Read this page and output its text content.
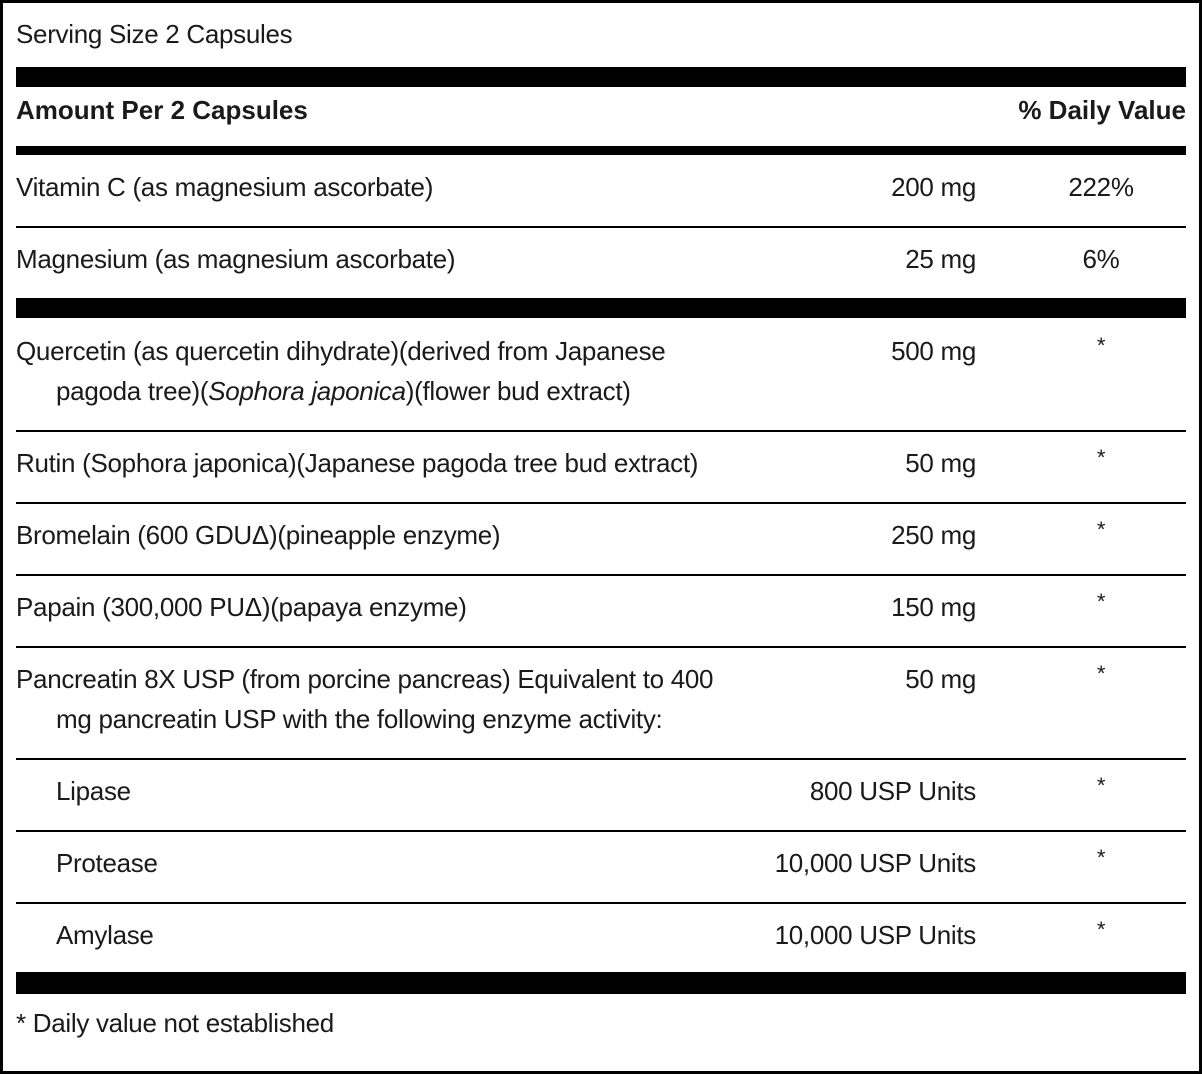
Serving Size 2 Capsules
Amount Per 2 Capsules	% Daily Value
Vitamin C (as magnesium ascorbate)	200 mg	222%
Magnesium (as magnesium ascorbate)	25 mg	6%
Quercetin (as quercetin dihydrate)(derived from Japanese
pagoda tree)(Sophora japonica)(flower bud extract)
500 mg	*
Rutin (Sophora japonica)(Japanese pagoda tree bud extract)	50 mg	*
Bromelain (600 GDUΔ)(pineapple enzyme)	250 mg	*
Papain (300,000 PUΔ)(papaya enzyme)	150 mg	*
Pancreatin 8X USP (from porcine pancreas) Equivalent to 400
mg pancreatin USP with the following enzyme activity:
50 mg	*
Lipase	800 USP Units	*
Protease	10,000 USP Units	*
Amylase	10,000 USP Units	*
* Daily value not established
